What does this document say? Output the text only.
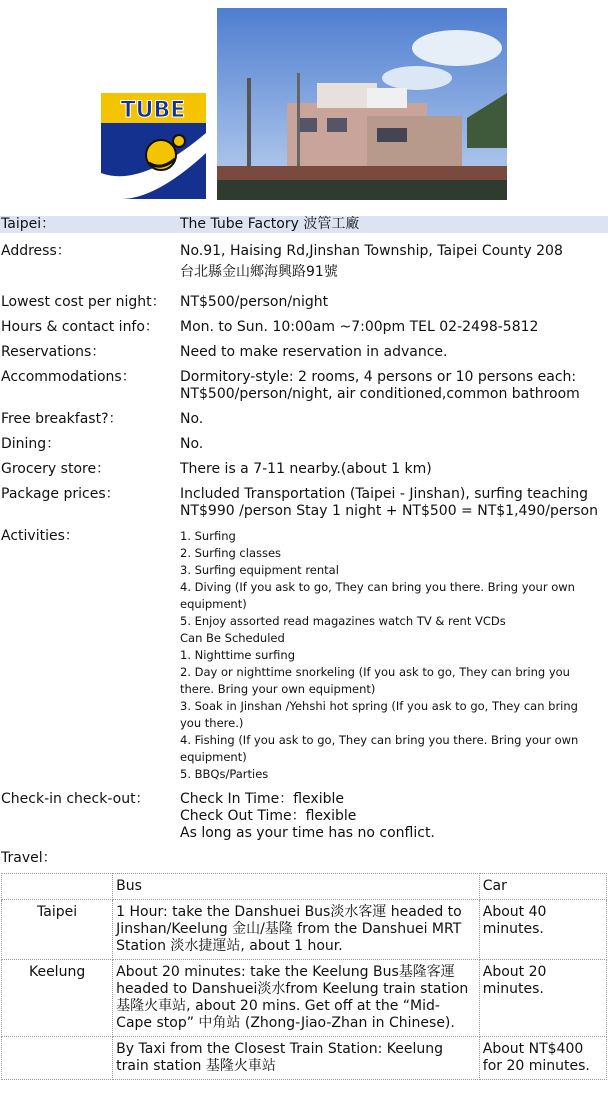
TUBE
Taipei：	The Tube Factory 波管工廠
Address：	No.91, Haising Rd,Jinshan Township, Taipei County 208
台北縣金山鄉海興路91號
Lowest cost per night：	NT$500/person/night
Hours & contact info：	Mon. to Sun. 10:00am ~7:00pm TEL 02-2498-5812
Reservations：	Need to make reservation in advance.
Accommodations：	Dormitory-style: 2 rooms, 4 persons or 10 persons each:
NT$500/person/night, air conditioned,common bathroom
Free breakfast?：	No.
Dining：	No.
Grocery store：	There is a 7-11 nearby.(about 1 km)
Package prices：	Included Transportation (Taipei - Jinshan), surfing teaching
NT$990 /person Stay 1 night + NT$500 = NT$1,490/person
Activities：	1. Surfing
2. Surfing classes
3. Surfing equipment rental
4. Diving (If you ask to go, They can bring you there. Bring your own equipment)
5. Enjoy assorted read magazines watch TV & rent VCDs
Can Be Scheduled
1. Nighttime surfing
2. Day or nighttime snorkeling (If you ask to go, They can bring you there. Bring your own equipment)
3. Soak in Jinshan /Yehshi hot spring (If you ask to go, They can bring you there.)
4. Fishing (If you ask to go, They can bring you there. Bring your own equipment)
5. BBQs/Parties
Check-in check-out：	Check In Time：flexible
Check Out Time：flexible
As long as your time has no conflict.
Travel：
	Bus	Car
Taipei	1 Hour: take the Danshuei Bus淡水客運 headed to Jinshan/Keelung 金山/基隆 from the Danshuei MRT Station 淡水捷運站, about 1 hour.	About 40 minutes.
Keelung	About 20 minutes: take the Keelung Bus基隆客運 headed to Danshuei淡水from Keelung train station 基隆火車站, about 20 mins. Get off at the “Mid-Cape stop” 中角站 (Zhong-Jiao-Zhan in Chinese).	About 20 minutes.
	By Taxi from the Closest Train Station: Keelung train station 基隆火車站	About NT$400 for 20 minutes.
